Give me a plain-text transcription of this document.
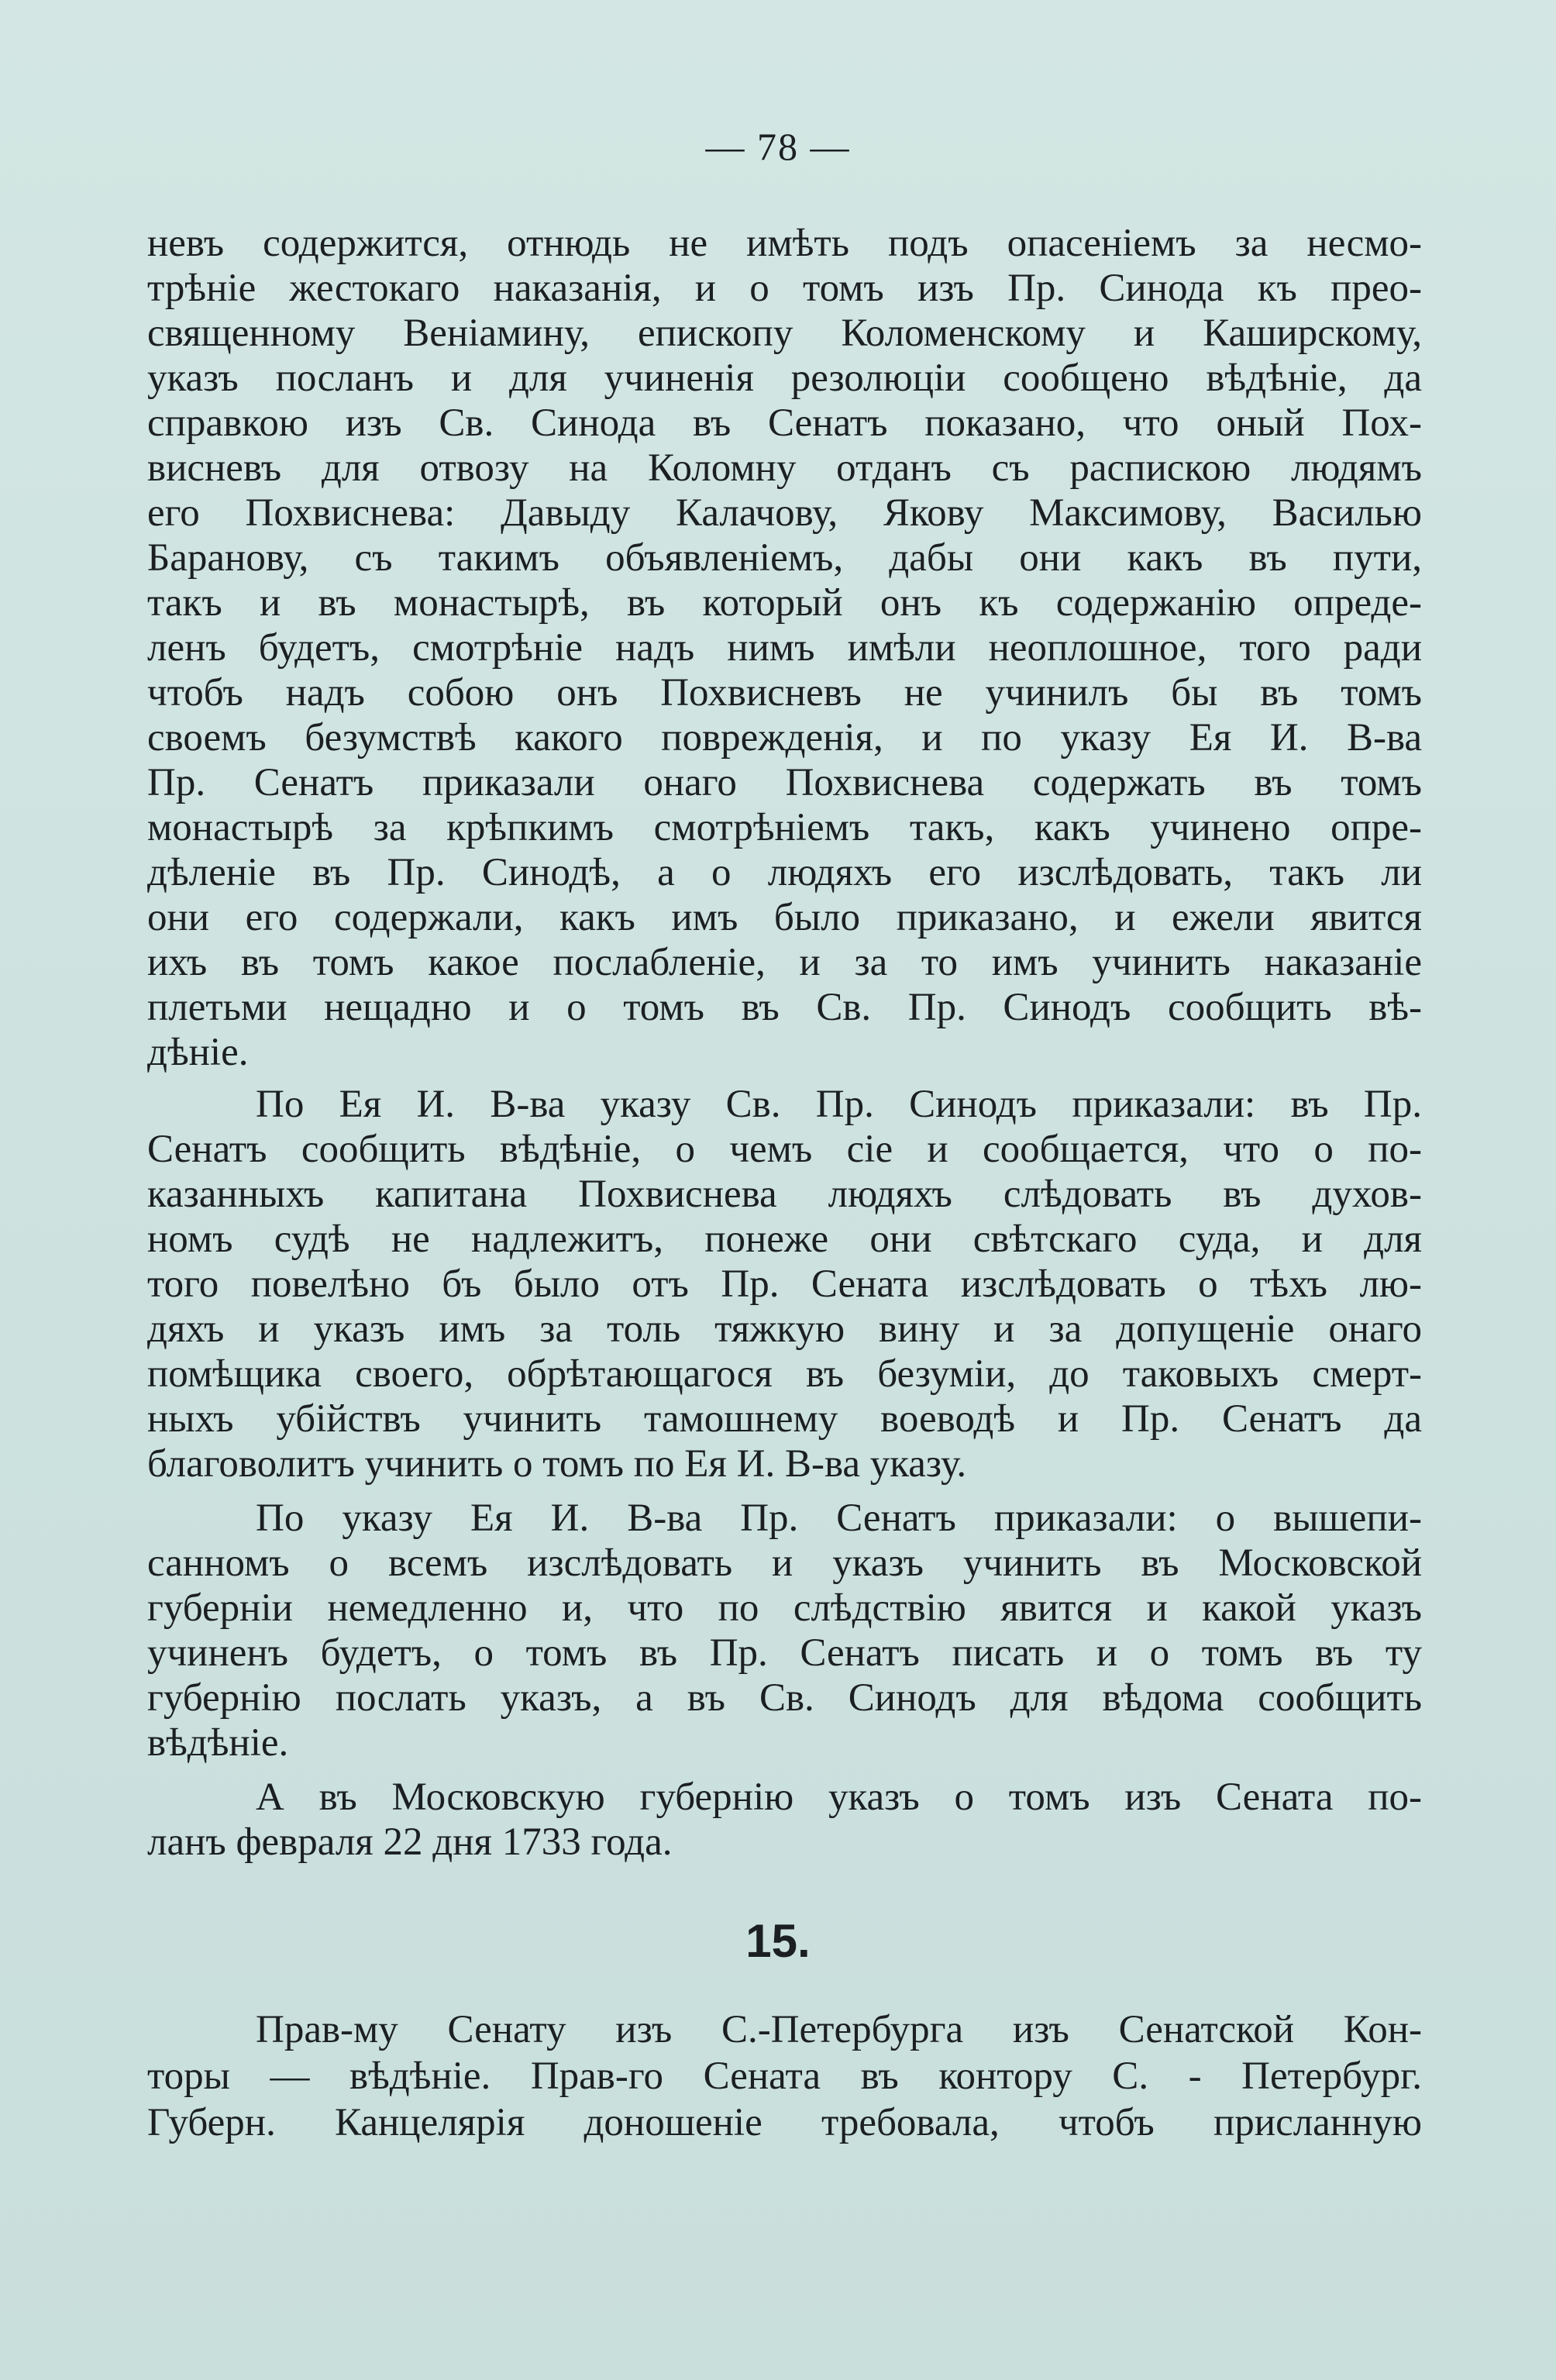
— 78 —
невъ содержится, отнюдь не имѣть подъ опасеніемъ за несмо-
трѣніе жестокаго наказанія, и о томъ изъ Пр. Синода къ прео-
священному Веніамину, епископу Коломенскому и Каширскому,
указъ посланъ и для учиненія резолюціи сообщено вѣдѣніе, да
справкою изъ Св. Синода въ Сенатъ показано, что оный Пох-
висневъ для отвозу на Коломну отданъ съ распискою людямъ
его Похвиснева: Давыду Калачову, Якову Максимову, Василью
Баранову, съ такимъ объявленіемъ, дабы они какъ въ пути,
такъ и въ монастырѣ, въ который онъ къ содержанію опреде-
ленъ будетъ, смотрѣніе надъ нимъ имѣли неоплошное, того ради
чтобъ надъ собою онъ Похвисневъ не учинилъ бы въ томъ
своемъ безумствѣ какого поврежденія, и по указу Ея И. В-ва
Пр. Сенатъ приказали онаго Похвиснева содержать въ томъ
монастырѣ за крѣпкимъ смотрѣніемъ такъ, какъ учинено опре-
дѣленіе въ Пр. Синодѣ, а о людяхъ его изслѣдовать, такъ ли
они его содержали, какъ имъ было приказано, и ежели явится
ихъ въ томъ какое послабленіе, и за то имъ учинить наказаніе
плетьми нещадно и о томъ въ Св. Пр. Синодъ сообщить вѣ-
дѣніе.
По Ея И. В-ва указу Св. Пр. Синодъ приказали: въ Пр.
Сенатъ сообщить вѣдѣніе, о чемъ сіе и сообщается, что о по-
казанныхъ капитана Похвиснева людяхъ слѣдовать въ духов-
номъ судѣ не надлежитъ, понеже они свѣтскаго суда, и для
того повелѣно бъ было отъ Пр. Сената изслѣдовать о тѣхъ лю-
дяхъ и указъ имъ за толь тяжкую вину и за допущеніе онаго
помѣщика своего, обрѣтающагося въ безуміи, до таковыхъ смерт-
ныхъ убійствъ учинить тамошнему воеводѣ и Пр. Сенатъ да
благоволитъ учинить о томъ по Ея И. В-ва указу.
По указу Ея И. В-ва Пр. Сенатъ приказали: о вышепи-
санномъ о всемъ изслѣдовать и указъ учинить въ Московской
губерніи немедленно и, что по слѣдствію явится и какой указъ
учиненъ будетъ, о томъ въ Пр. Сенатъ писать и о томъ въ ту
губернію послать указъ, а въ Св. Синодъ для вѣдома сообщить
вѣдѣніе.
А въ Московскую губернію указъ о томъ изъ Сената по-
ланъ февраля 22 дня 1733 года.
15.
Прав-му Сенату изъ С.-Петербурга изъ Сенатской Кон-
торы — вѣдѣніе. Прав-го Сената въ контору С. - Петербург.
Губерн. Канцелярія доношеніе требовала, чтобъ присланную
